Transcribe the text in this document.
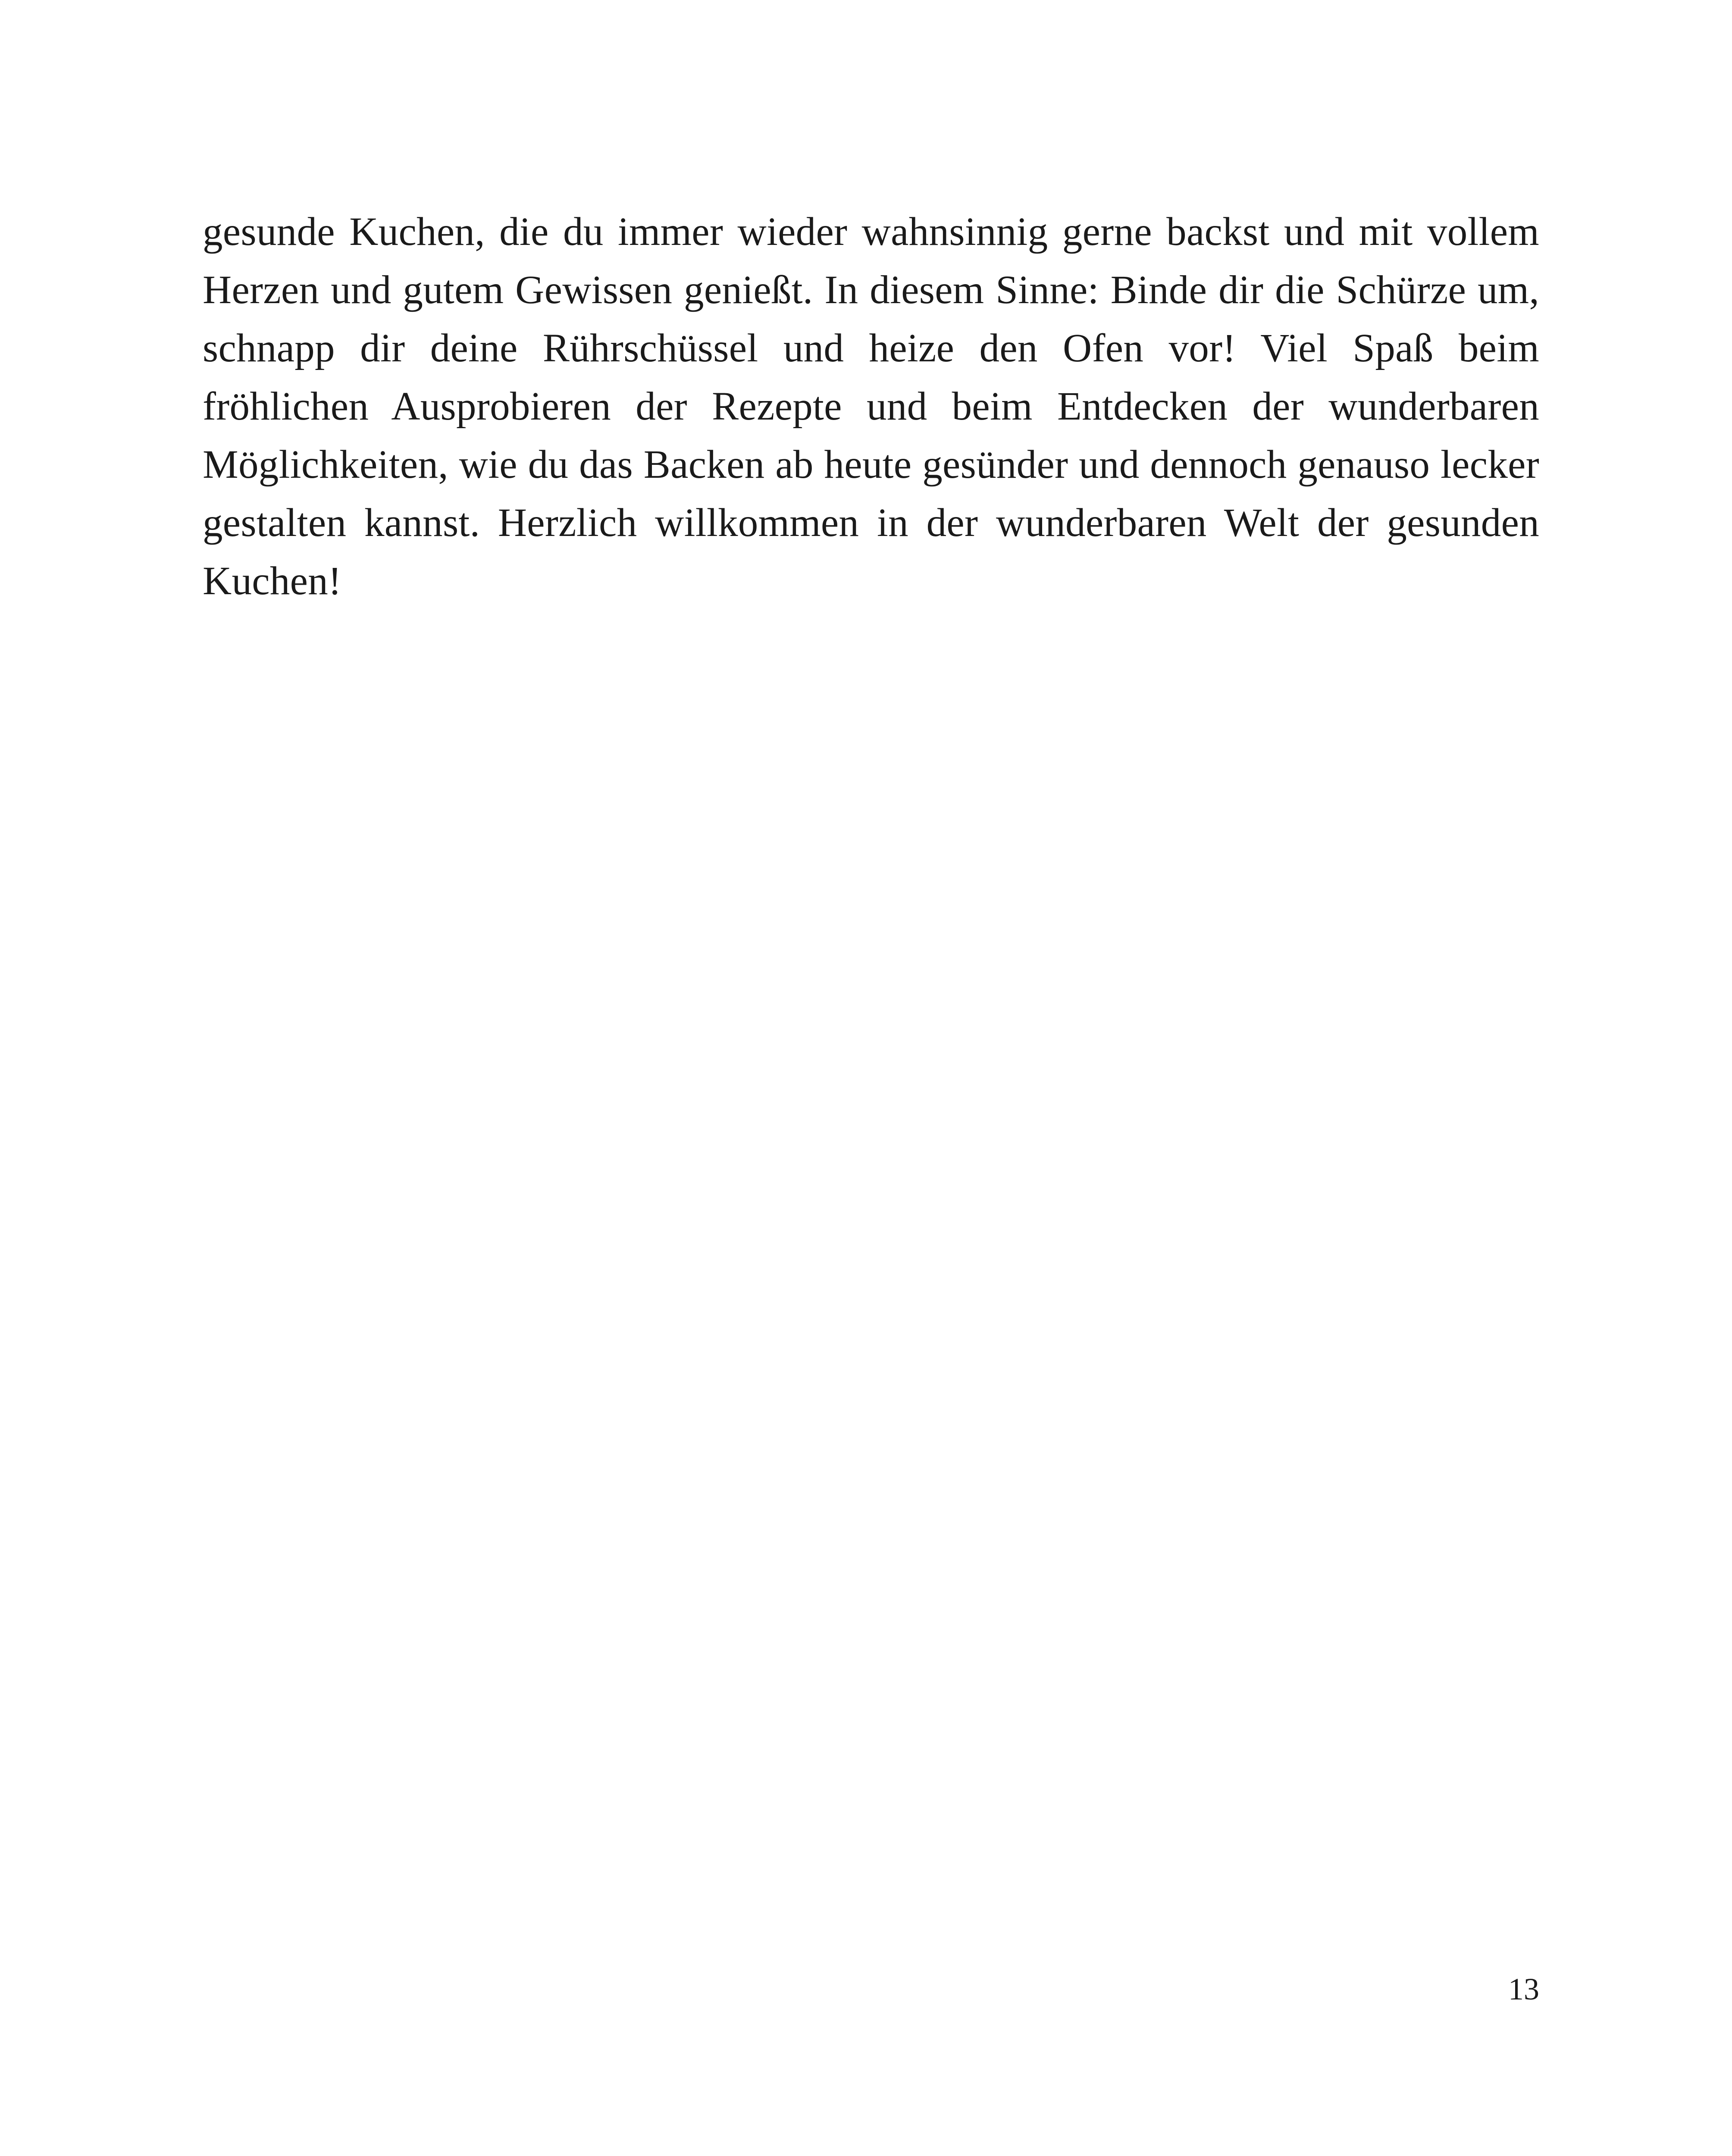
gesunde Kuchen, die du immer wieder wahnsinnig gerne backst und mit vollem Herzen und gutem Gewissen genießt. In diesem Sinne: Binde dir die Schürze um, schnapp dir deine Rührschüssel und heize den Ofen vor! Viel Spaß beim fröhlichen Ausprobieren der Rezepte und beim Entdecken der wunderbaren Möglichkeiten, wie du das Backen ab heute gesünder und dennoch genauso lecker gestalten kannst. Herzlich willkommen in der wunderbaren Welt der gesunden Kuchen!

13
